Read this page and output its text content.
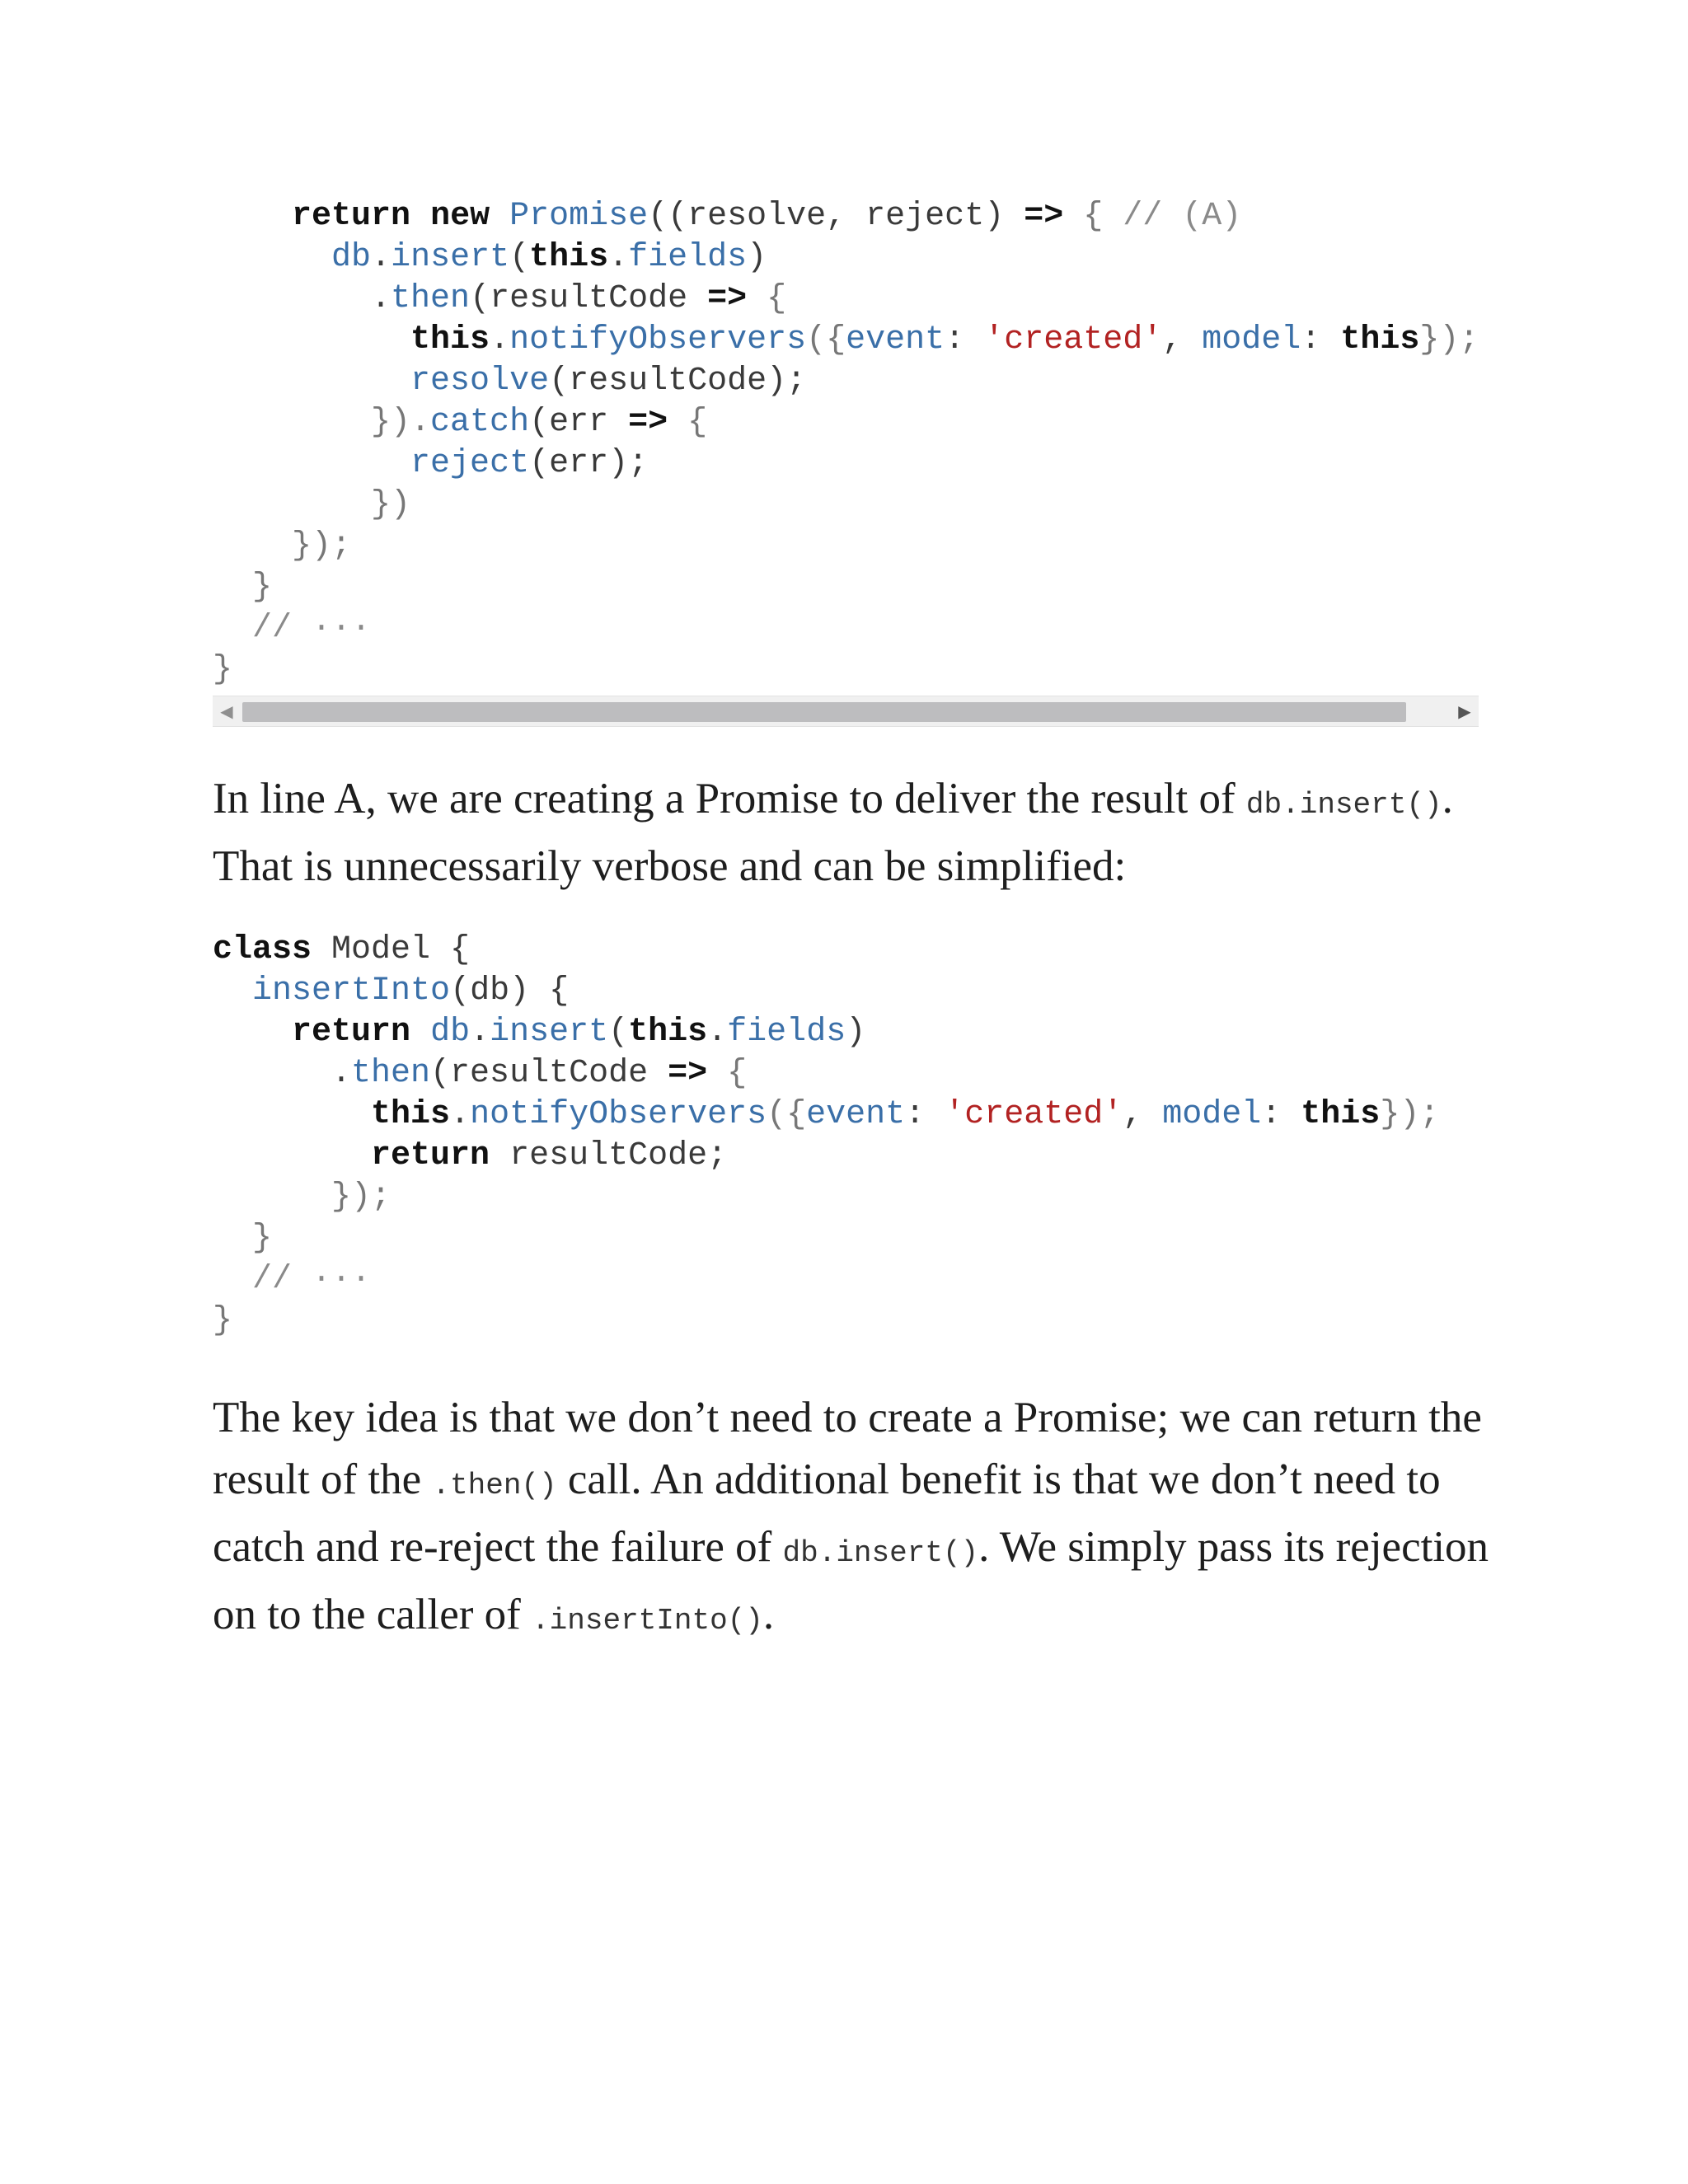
return new Promise((resolve, reject) => { // (A)
db.insert(this.fields)
.then(resultCode => {
this.notifyObservers({event: 'created', model: this});
resolve(resultCode);
}).catch(err => {
reject(err);
})
});
}
// ···
}
◀	▶

In line A, we are creating a Promise to deliver the result of db.insert(). That is unnecessarily verbose and can be simplified:

class Model {
insertInto(db) {
return db.insert(this.fields)
.then(resultCode => {
this.notifyObservers({event: 'created', model: this});
return resultCode;
});
}
// ···
}

The key idea is that we don’t need to create a Promise; we can return the result of the .then() call. An additional benefit is that we don’t need to catch and re-reject the failure of db.insert(). We simply pass its rejection on to the caller of .insertInto().
